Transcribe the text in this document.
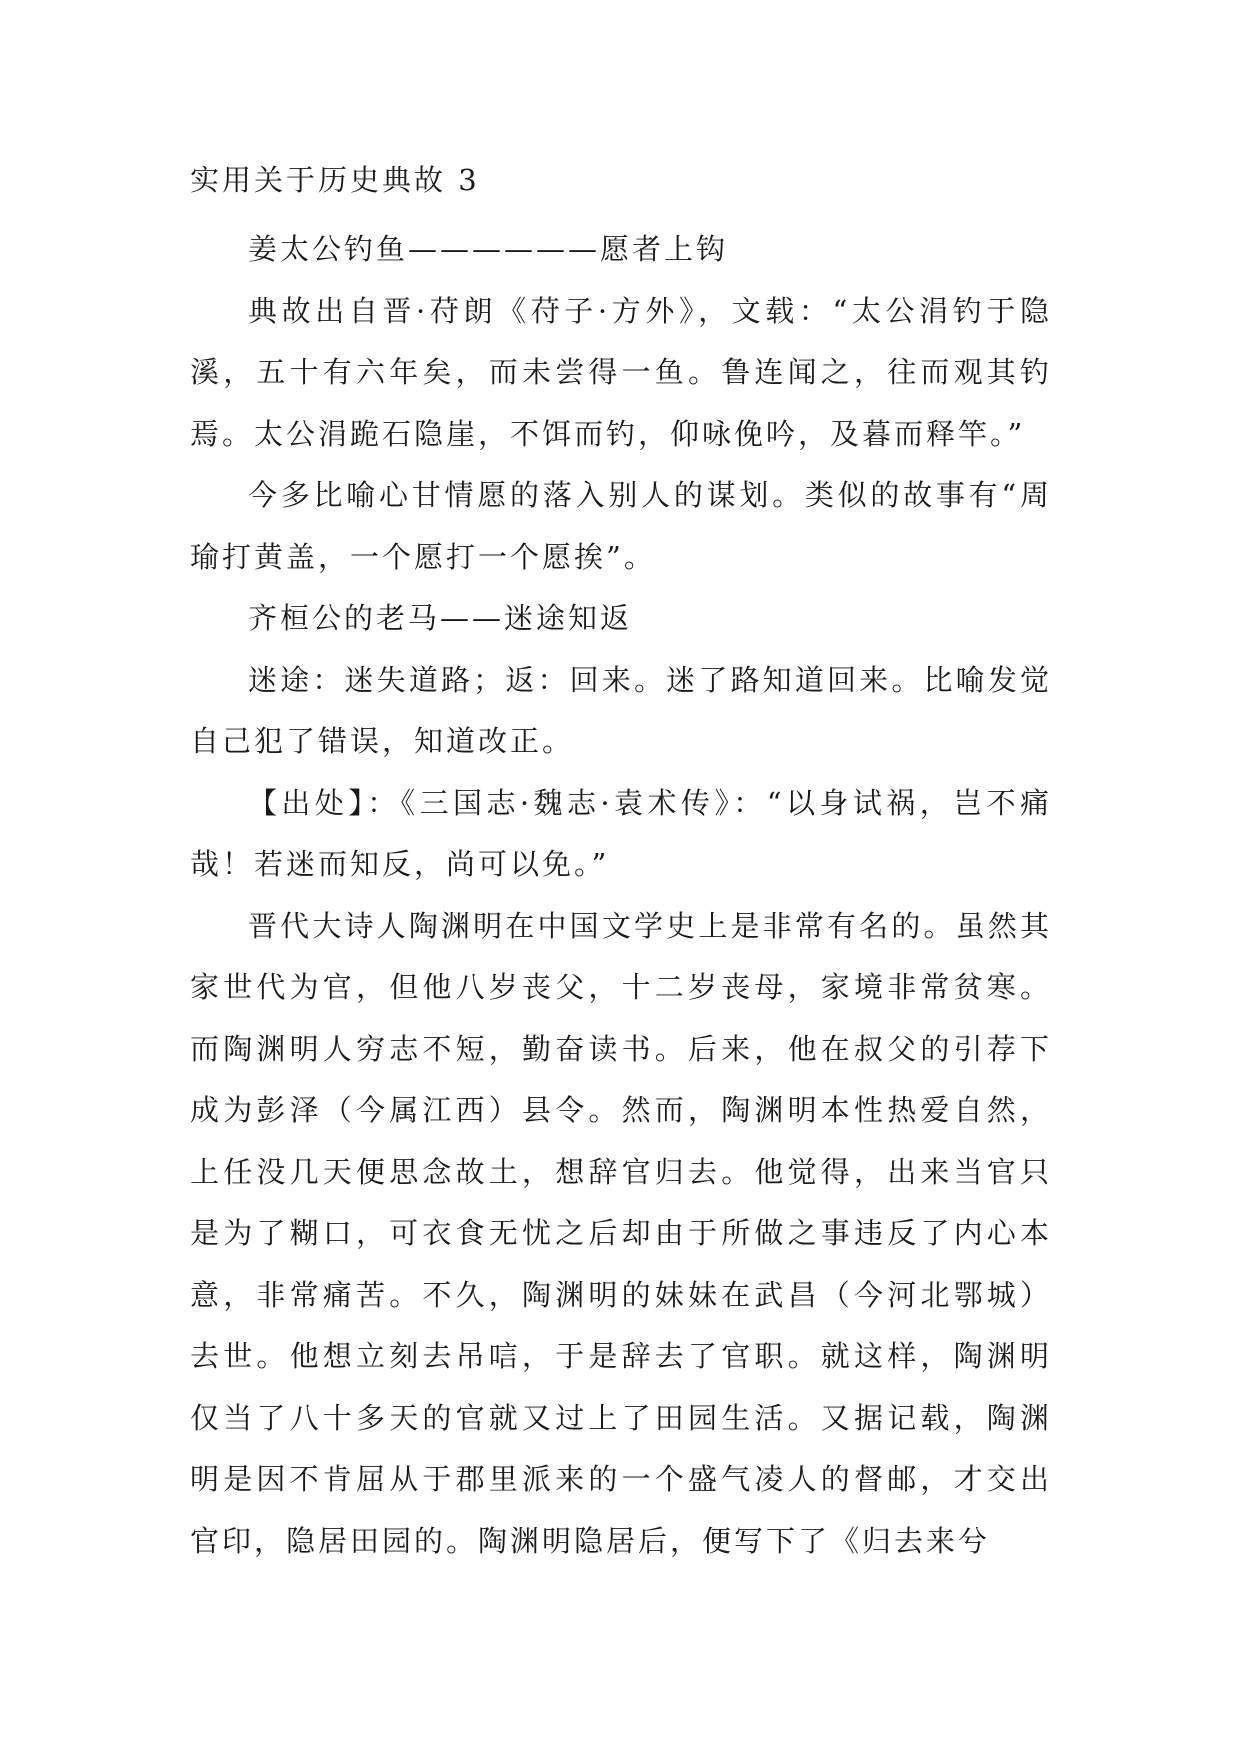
实用关于历史典故 3

姜太公钓鱼——————愿者上钩

典故出自晋·苻朗《苻子·方外》，文载：“太公涓钓于隐溪，五十有六年矣，而未尝得一鱼。鲁连闻之，往而观其钓焉。太公涓跪石隐崖，不饵而钓，仰咏俛吟，及暮而释竿。”

今多比喻心甘情愿的落入别人的谋划。类似的故事有“周瑜打黄盖，一个愿打一个愿挨”。

齐桓公的老马——迷途知返

迷途：迷失道路；返：回来。迷了路知道回来。比喻发觉自己犯了错误，知道改正。

【出处】：《三国志·魏志·袁术传》：“以身试祸，岂不痛哉！若迷而知反，尚可以免。”

晋代大诗人陶渊明在中国文学史上是非常有名的。虽然其家世代为官，但他八岁丧父，十二岁丧母，家境非常贫寒。而陶渊明人穷志不短，勤奋读书。后来，他在叔父的引荐下成为彭泽（今属江西）县令。然而，陶渊明本性热爱自然，上任没几天便思念故土，想辞官归去。他觉得，出来当官只是为了糊口，可衣食无忧之后却由于所做之事违反了内心本意，非常痛苦。不久，陶渊明的妹妹在武昌（今河北鄂城）去世。他想立刻去吊唁，于是辞去了官职。就这样，陶渊明仅当了八十多天的官就又过上了田园生活。又据记载，陶渊明是因不肯屈从于郡里派来的一个盛气凌人的督邮，才交出官印，隐居田园的。陶渊明隐居后，便写下了《归去来兮
